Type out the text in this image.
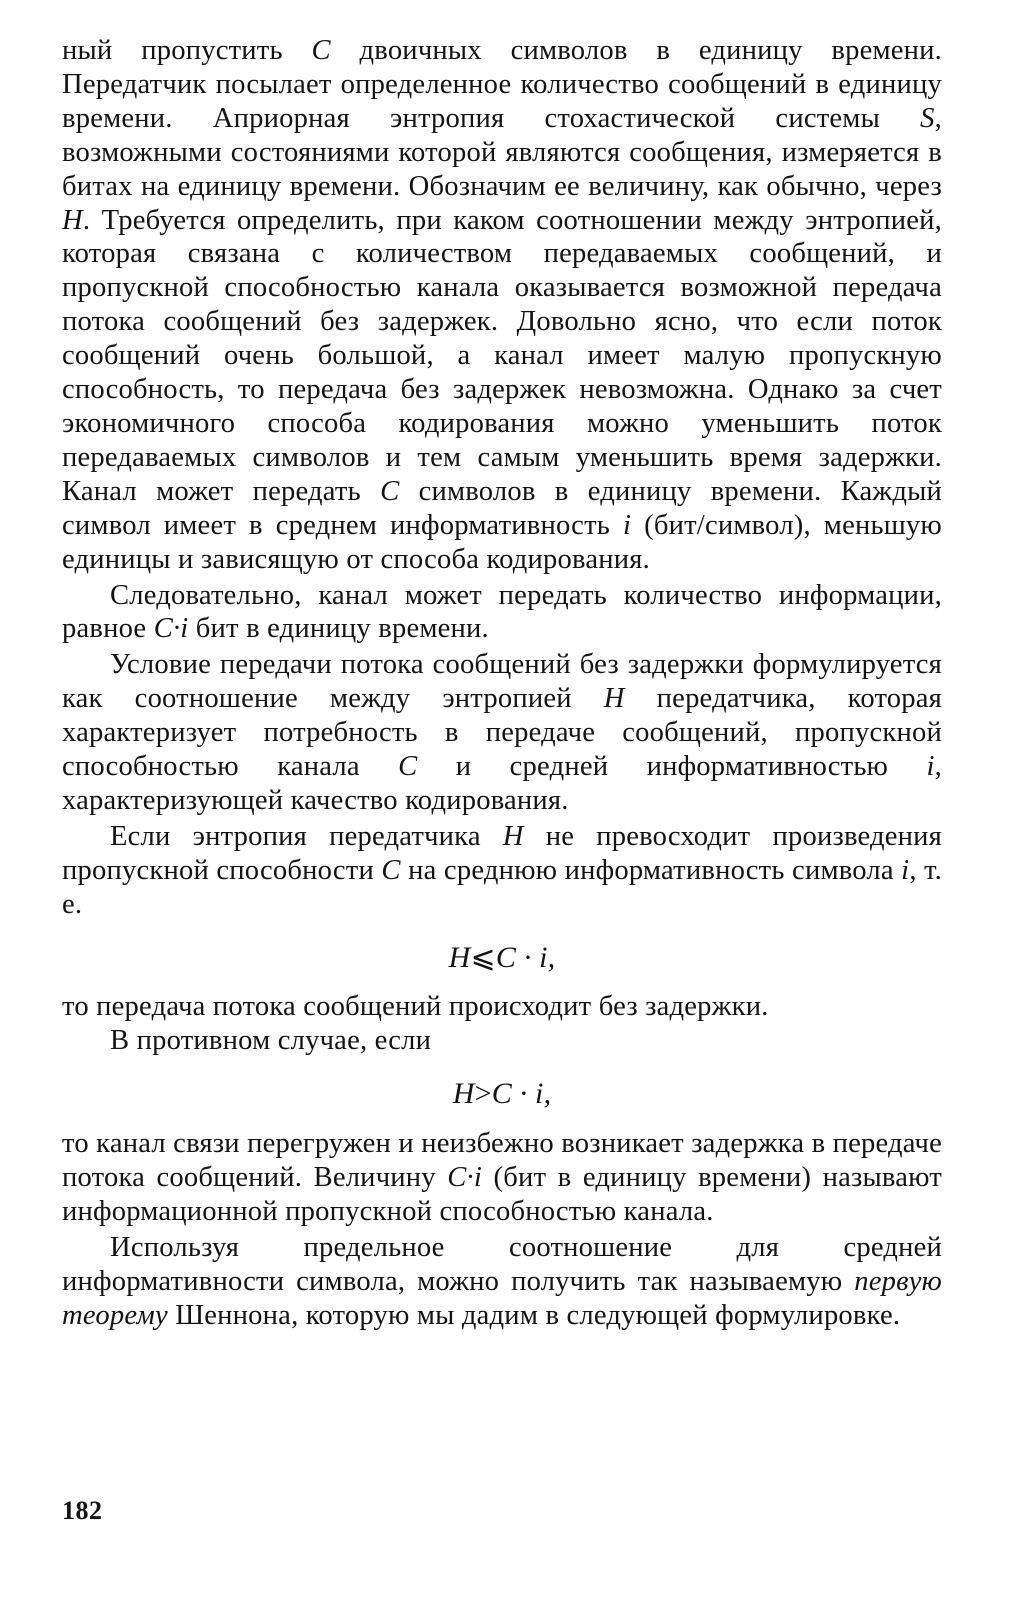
ный пропустить C двоичных символов в единицу времени. Передатчик посылает определенное количество сообщений в единицу времени. Априорная энтропия стохастической системы S, возможными состояниями которой являются сообщения, измеряется в битах на единицу времени. Обозначим ее величину, как обычно, через H. Требуется определить, при каком соотношении между энтропией, которая связана с количеством передаваемых сообщений, и пропускной способностью канала оказывается возможной передача потока сообщений без задержек. Довольно ясно, что если поток сообщений очень большой, а канал имеет малую пропускную способность, то передача без задержек невозможна. Однако за счет экономичного способа кодирования можно уменьшить поток передаваемых символов и тем самым уменьшить время задержки. Канал может передать C символов в единицу времени. Каждый символ имеет в среднем информативность i (бит/символ), меньшую единицы и зависящую от способа кодирования.

Следовательно, канал может передать количество информации, равное C·i бит в единицу времени.

Условие передачи потока сообщений без задержки формулируется как соотношение между энтропией H передатчика, которая характеризует потребность в передаче сообщений, пропускной способностью канала C и средней информативностью i, характеризующей качество кодирования.

Если энтропия передатчика H не превосходит произведения пропускной способности C на среднюю информативность символа i, т. е.

H⩽C · i,

то передача потока сообщений происходит без задержки.

В противном случае, если

H>C · i,

то канал связи перегружен и неизбежно возникает задержка в передаче потока сообщений. Величину C·i (бит в единицу времени) называют информационной пропускной способностью канала.

Используя предельное соотношение для средней информативности символа, можно получить так называемую первую теорему Шеннона, которую мы дадим в следующей формулировке.

182
